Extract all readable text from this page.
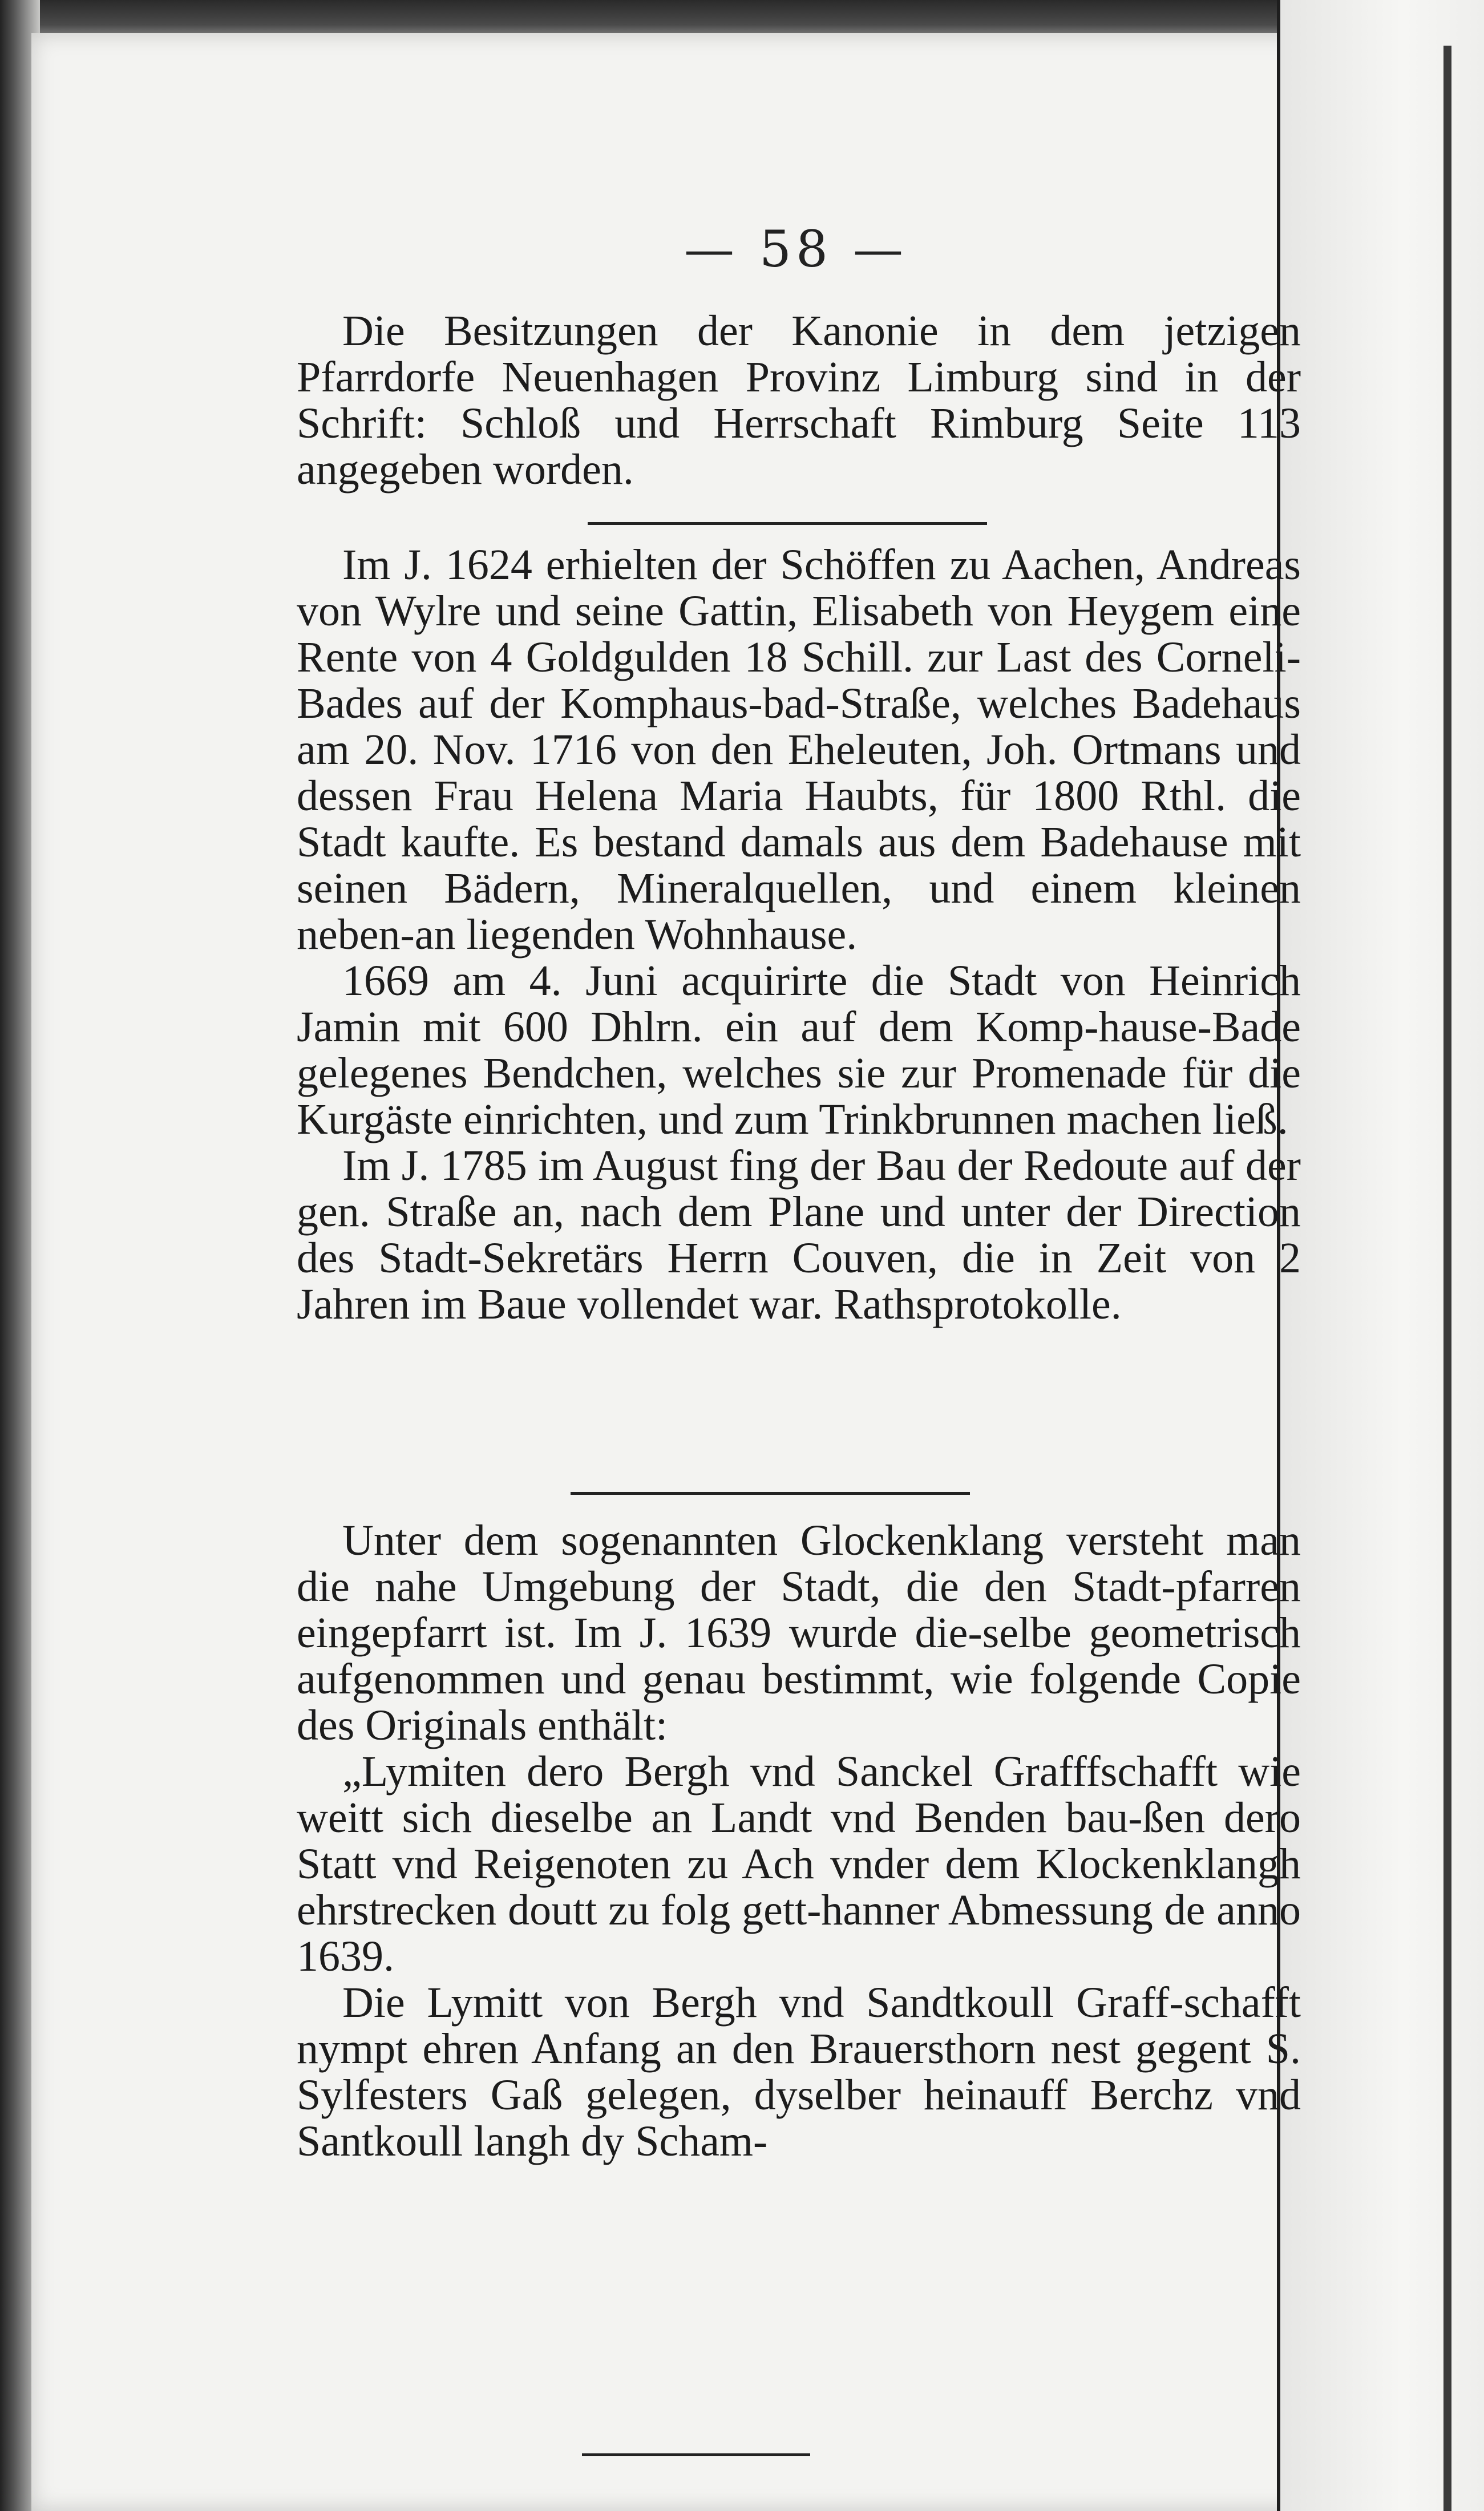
— 58 —

Die Besitzungen der Kanonie in dem jetzigen Pfarrdorfe Neuenhagen Provinz Limburg sind in der Schrift: Schloß und Herrschaft Rimburg Seite 113 angegeben worden.

Im J. 1624 erhielten der Schöffen zu Aachen, Andreas von Wylre und seine Gattin, Elisabeth von Heygem eine Rente von 4 Goldgulden 18 Schill. zur Last des Corneli-Bades auf der Komphaus-bad-Straße, welches Badehaus am 20. Nov. 1716 von den Eheleuten, Joh. Ortmans und dessen Frau Helena Maria Haubts, für 1800 Rthl. die Stadt kaufte. Es bestand damals aus dem Badehause mit seinen Bädern, Mineralquellen, und einem kleinen neben-an liegenden Wohnhause.

1669 am 4. Juni acquirirte die Stadt von Heinrich Jamin mit 600 Dhlrn. ein auf dem Komp-hause-Bade gelegenes Bendchen, welches sie zur Promenade für die Kurgäste einrichten, und zum Trinkbrunnen machen ließ.

Im J. 1785 im August fing der Bau der Redoute auf der gen. Straße an, nach dem Plane und unter der Direction des Stadt-Sekretärs Herrn Couven, die in Zeit von 2 Jahren im Baue vollendet war. Rathsprotokolle.

Unter dem sogenannten Glockenklang versteht man die nahe Umgebung der Stadt, die den Stadt-pfarren eingepfarrt ist. Im J. 1639 wurde die-selbe geometrisch aufgenommen und genau bestimmt, wie folgende Copie des Originals enthält:

„Lymiten dero Bergh vnd Sanckel Grafffschafft wie weitt sich dieselbe an Landt vnd Benden bau-ßen dero Statt vnd Reigenoten zu Ach vnder dem Klockenklangh ehrstrecken doutt zu folg gett-hanner Abmessung de anno 1639.

Die Lymitt von Bergh vnd Sandtkoull Graff-schafft nympt ehren Anfang an den Brauersthorn nest gegent S. Sylfesters Gaß gelegen, dyselber heinauff Berchz vnd Santkoull langh dy Scham-
